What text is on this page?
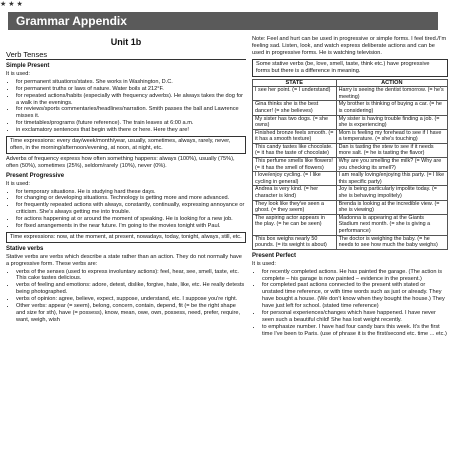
★ ★ ★
Grammar Appendix
Unit 1b
Verb Tenses
Simple Present

It is used:

• for permanent situations/states. She works in Washington, D.C.
• for permanent truths or laws of nature. Water boils at 212°F.
• for repeated actions/habits (especially with frequency adverbs). He always takes the dog for a walk in the evenings.
• for reviews/sports commentaries/headlines/narration. Smith passes the ball and Lawrence misses it.
• for timetables/programs (future reference). The train leaves at 6:00 a.m.
• in exclamatory sentences that begin with there or here. Here they are!
Time expressions: every day/week/month/year, usually, sometimes, always, rarely, never, often, in the morning/afternoon/evening, at noon, at night, etc.

Adverbs of frequency express how often something happens: always (100%), usually (75%), often (50%), sometimes (25%), seldom/rarely (10%), never (0%).

Present Progressive

It is used:

• for temporary situations. He is studying hard these days.
• for changing or developing situations. Technology is getting more and more advanced.
• for frequently repeated actions with always, constantly, continually, expressing annoyance or criticism. She's always getting me into trouble.
• for actions happening at or around the moment of speaking. He is looking for a new job.
• for fixed arrangements in the near future. I'm going to the movies tonight with Paul.
Time expressions: now, at the moment, at present, nowadays, today, tonight, always, still, etc.
Stative verbs

Stative verbs are verbs which describe a state rather than an action. They do not normally have a progressive form. These verbs are:

• verbs of the senses (used to express involuntary actions): feel, hear, see, smell, taste, etc. This cake tastes delicious.
• verbs of feeling and emotions: adore, detest, dislike, forgive, hate, like, etc. He really detests being photographed.
• verbs of opinion: agree, believe, expect, suppose, understand, etc. I suppose you're right.
• Other verbs: appear (= seem), belong, concern, contain, depend, fit (= be the right shape and size for sth), have (= possess), know, mean, owe, own, possess, need, prefer, require, want, weigh, wish

Note: Feel and hurt can be used in progressive or simple forms. I feel tired./I'm feeling sad. Listen, look, and watch express deliberate actions and can be used in progressive forms. He is watching television.

Some stative verbs (be, love, smell, taste, think etc.) have progressive forms but there is a difference in meaning.
STATE	ACTION
I see her point. (= I understand)	Harry is seeing the dentist tomorrow. (= he's meeting)
Gina thinks she is the best dancer! (= she believes)	My brother is thinking of buying a car. (= he is considering)
My sister has two dogs. (= she owns)	My sister is having trouble finding a job. (= she is experiencing)
Finished bronze feels smooth. (= it has a smooth texture)	Mom is feeling my forehead to see if I have a temperature. (= she's touching)
This candy tastes like chocolate. (= it has the taste of chocolate)	Dan is tasting the stew to see if it needs more salt. (= he is tasting the flavor)
This perfume smells like flowers! (= it has the smell of flowers)	Why are you smelling the milk? (= Why are you checking its smell?)
I love/enjoy cycling. (= I like cycling in general)	I am really loving/enjoying this party. (= I like this specific party)
Andrea is very kind. (= her character is kind)	Joy is being particularly impolite today. (= she is behaving impolitely)
They look like they've seen a ghost. (= they seem)	Brenda is looking at the incredible view. (= she is viewing)
The aspiring actor appears in the play. (= he can be seen)	Madonna is appearing at the Giants Stadium next month. (= she is giving a performance)
This box weighs nearly 50 pounds. (= its weight is about)	The doctor is weighing the baby. (= he needs to see how much the baby weighs)
Present Perfect

It is used:

• for recently completed actions. He has painted the garage. (The action is complete – his garage is now painted – evidence in the present.)
• for completed past actions connected to the present with stated or unstated time reference, or with time words such as just or already. They have bought a house. (We don't know when they bought the house.) They have just left for school. (stated time reference)
• for personal experiences/changes which have happened. I have never seen such a beautiful child! She has lost weight recently.
• to emphasize number. I have had four candy bars this week. It's the first time I've been to Paris. (use of phrase it is the first/second etc. time ... etc.)
